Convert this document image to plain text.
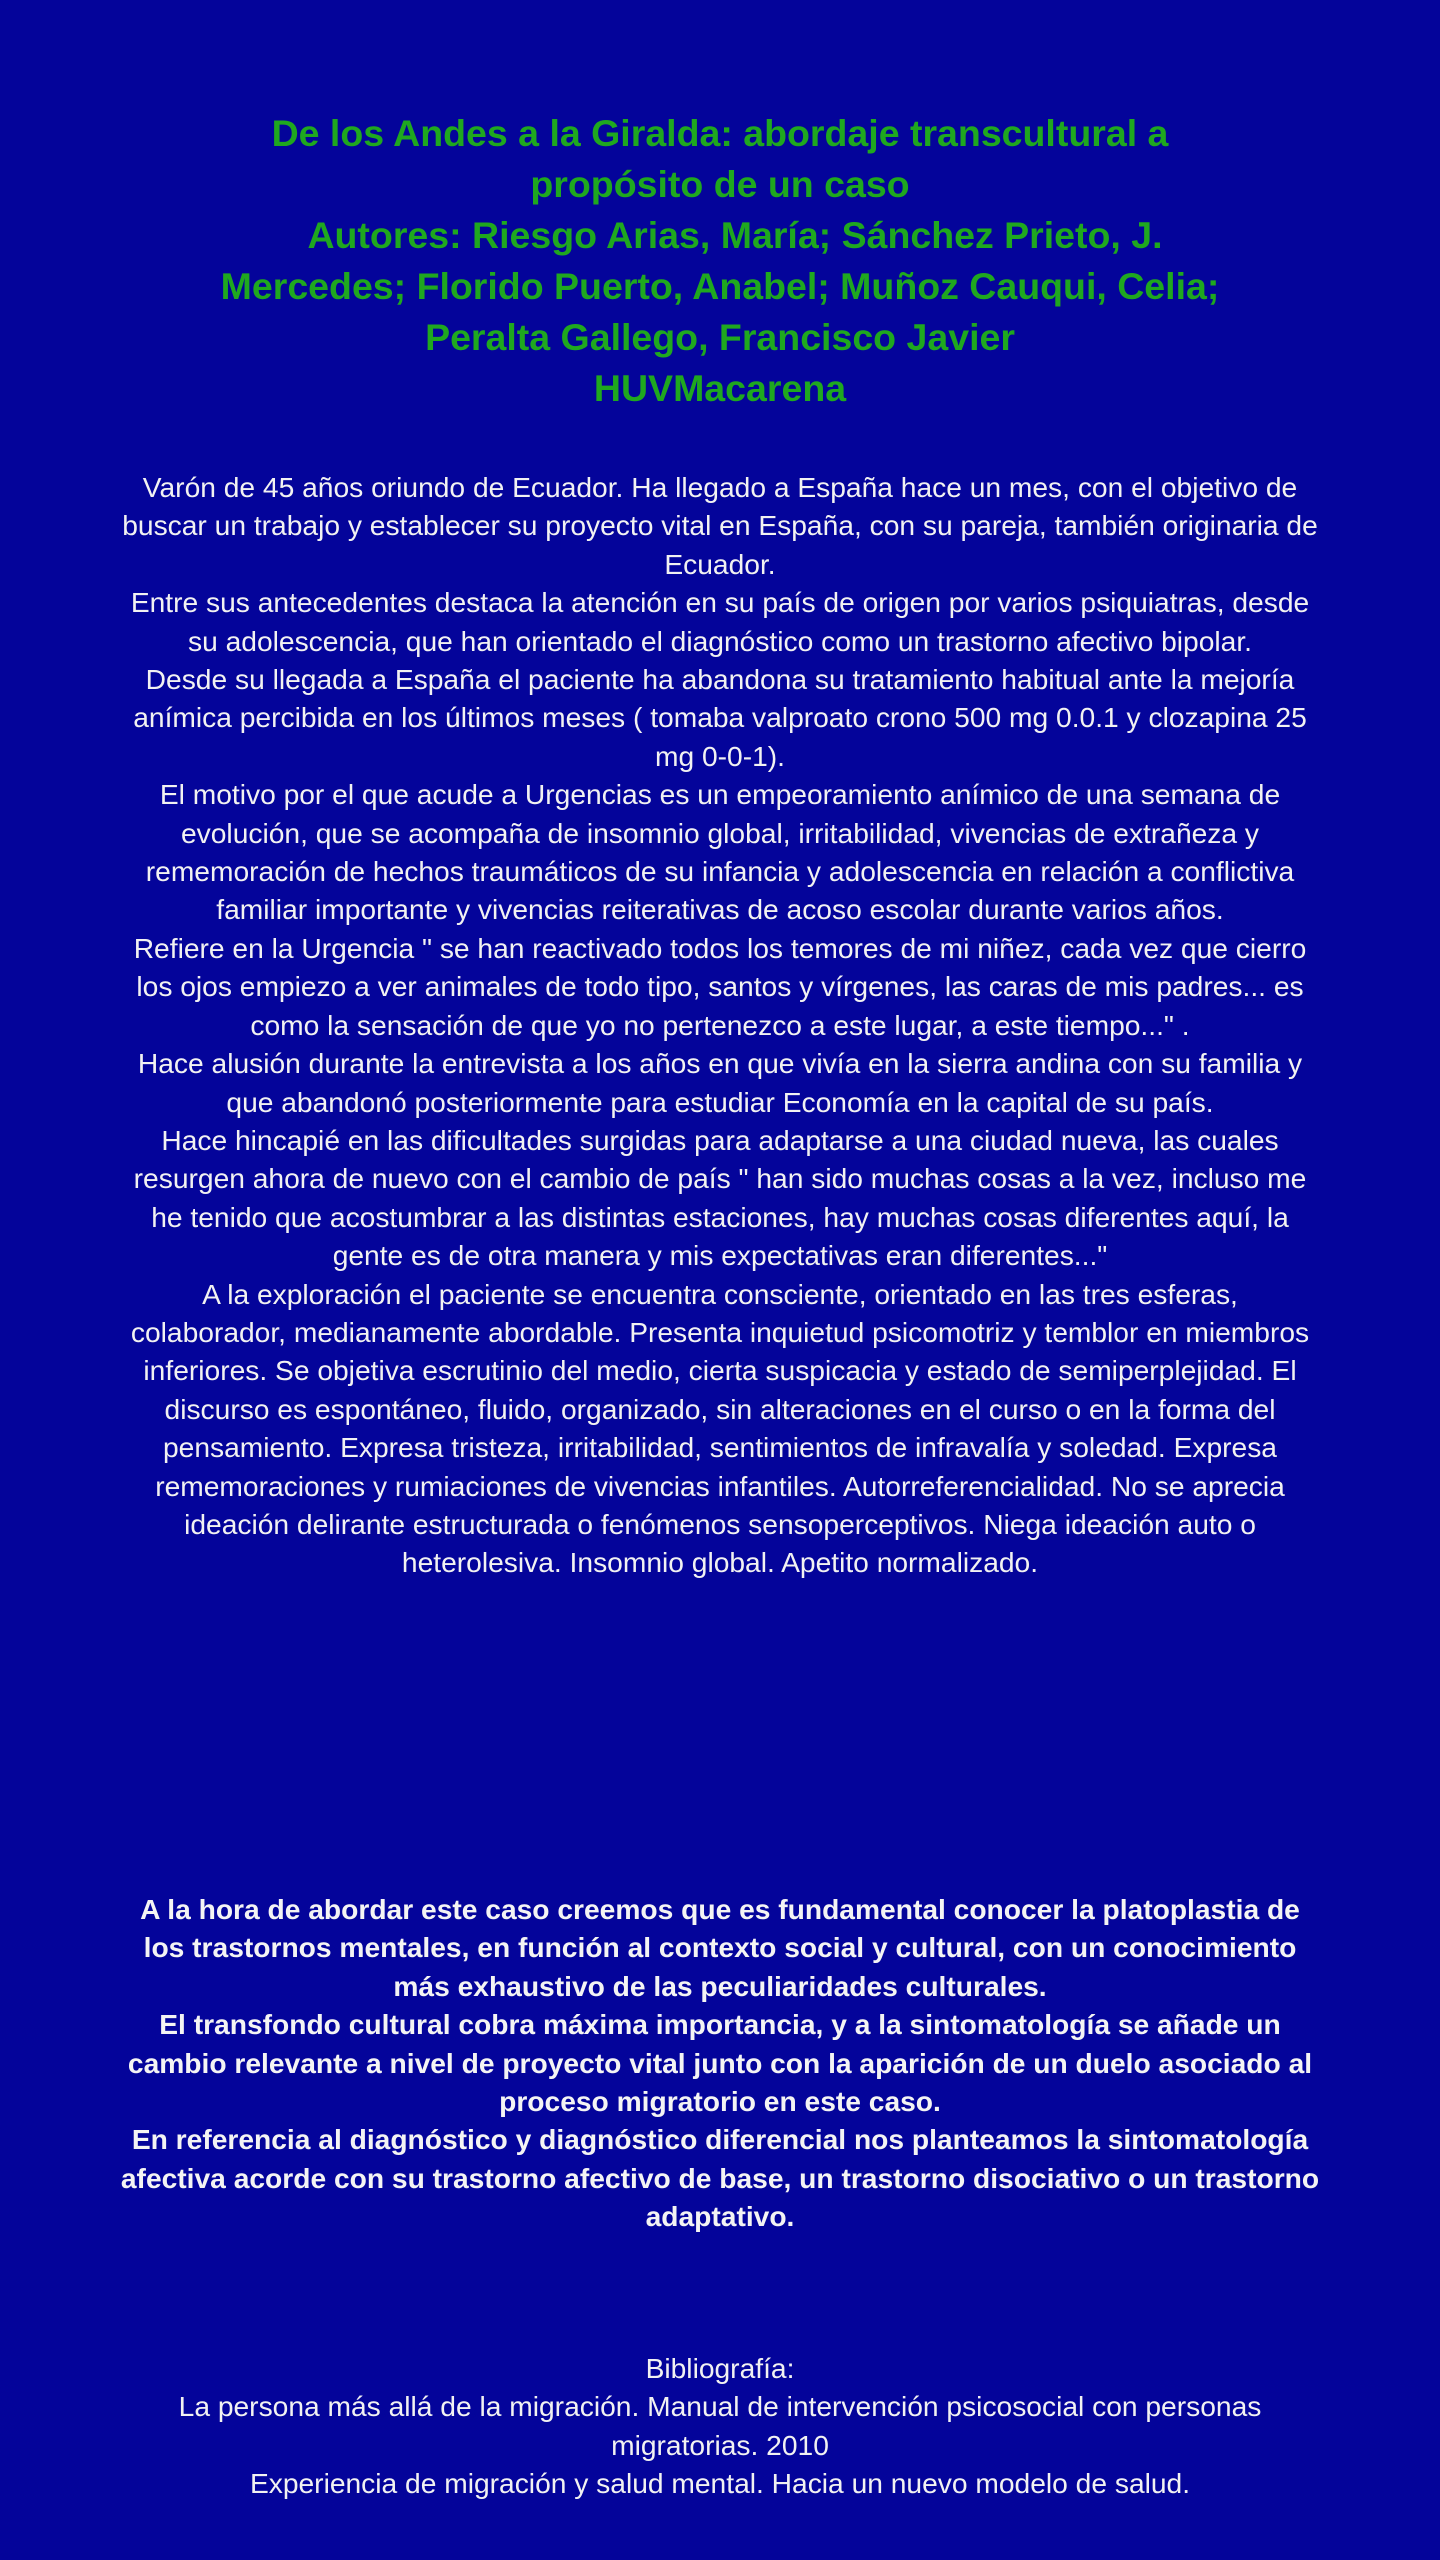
De los Andes a la Giralda: abordaje transcultural a
propósito de un caso
Autores: Riesgo Arias, María; Sánchez Prieto, J.
Mercedes; Florido Puerto, Anabel; Muñoz Cauqui, Celia;
Peralta Gallego, Francisco Javier
HUVMacarena

Varón de 45 años oriundo de Ecuador. Ha llegado a España hace un mes, con el objetivo de buscar un trabajo y establecer su proyecto vital en España, con su pareja, también originaria de Ecuador.

Entre sus antecedentes destaca la atención en su país de origen por varios psiquiatras, desde su adolescencia, que han orientado el diagnóstico como un trastorno afectivo bipolar.

Desde su llegada a España el paciente ha abandona su tratamiento habitual ante la mejoría anímica percibida en los últimos meses ( tomaba valproato crono 500 mg 0.0.1 y clozapina 25 mg 0-0-1).

El motivo por el que acude a Urgencias es un empeoramiento anímico de una semana de evolución, que se acompaña de insomnio global, irritabilidad, vivencias de extrañeza y rememoración de hechos traumáticos de su infancia y adolescencia en relación a conflictiva familiar importante y vivencias reiterativas de acoso escolar durante varios años.

Refiere en la Urgencia " se han reactivado todos los temores de mi niñez, cada vez que cierro los ojos empiezo a ver animales de todo tipo, santos y vírgenes, las caras de mis padres... es como la sensación de que yo no pertenezco a este lugar, a este tiempo..." .

Hace alusión durante la entrevista a los años en que vivía en la sierra andina con su familia y que abandonó posteriormente para estudiar Economía en la capital de su país.

Hace hincapié en las dificultades surgidas para adaptarse a una ciudad nueva, las cuales resurgen ahora de nuevo con el cambio de país " han sido muchas cosas a la vez, incluso me he tenido que acostumbrar a las distintas estaciones, hay muchas cosas diferentes aquí, la gente es de otra manera y mis expectativas eran diferentes..."

A la exploración el paciente se encuentra consciente, orientado en las tres esferas, colaborador, medianamente abordable. Presenta inquietud psicomotriz y temblor en miembros inferiores. Se objetiva escrutinio del medio, cierta suspicacia y estado de semiperplejidad. El discurso es espontáneo, fluido, organizado, sin alteraciones en el curso o en la forma del pensamiento. Expresa tristeza, irritabilidad, sentimientos de infravalía y soledad. Expresa rememoraciones y rumiaciones de vivencias infantiles. Autorreferencialidad. No se aprecia ideación delirante estructurada o fenómenos sensoperceptivos. Niega ideación auto o heterolesiva. Insomnio global. Apetito normalizado.

A la hora de abordar este caso creemos que es fundamental conocer la platoplastia de los trastornos mentales, en función al contexto social y cultural, con un conocimiento más exhaustivo de las peculiaridades culturales.

El transfondo cultural cobra máxima importancia, y a la sintomatología se añade un cambio relevante a nivel de proyecto vital junto con la aparición de un duelo asociado al proceso migratorio en este caso.

En referencia al diagnóstico y diagnóstico diferencial nos planteamos la sintomatología afectiva acorde con su trastorno afectivo de base, un trastorno disociativo o un trastorno adaptativo.

Bibliografía:

La persona más allá de la migración. Manual de intervención psicosocial con personas migratorias. 2010

Experiencia de migración y salud mental. Hacia un nuevo modelo de salud.
